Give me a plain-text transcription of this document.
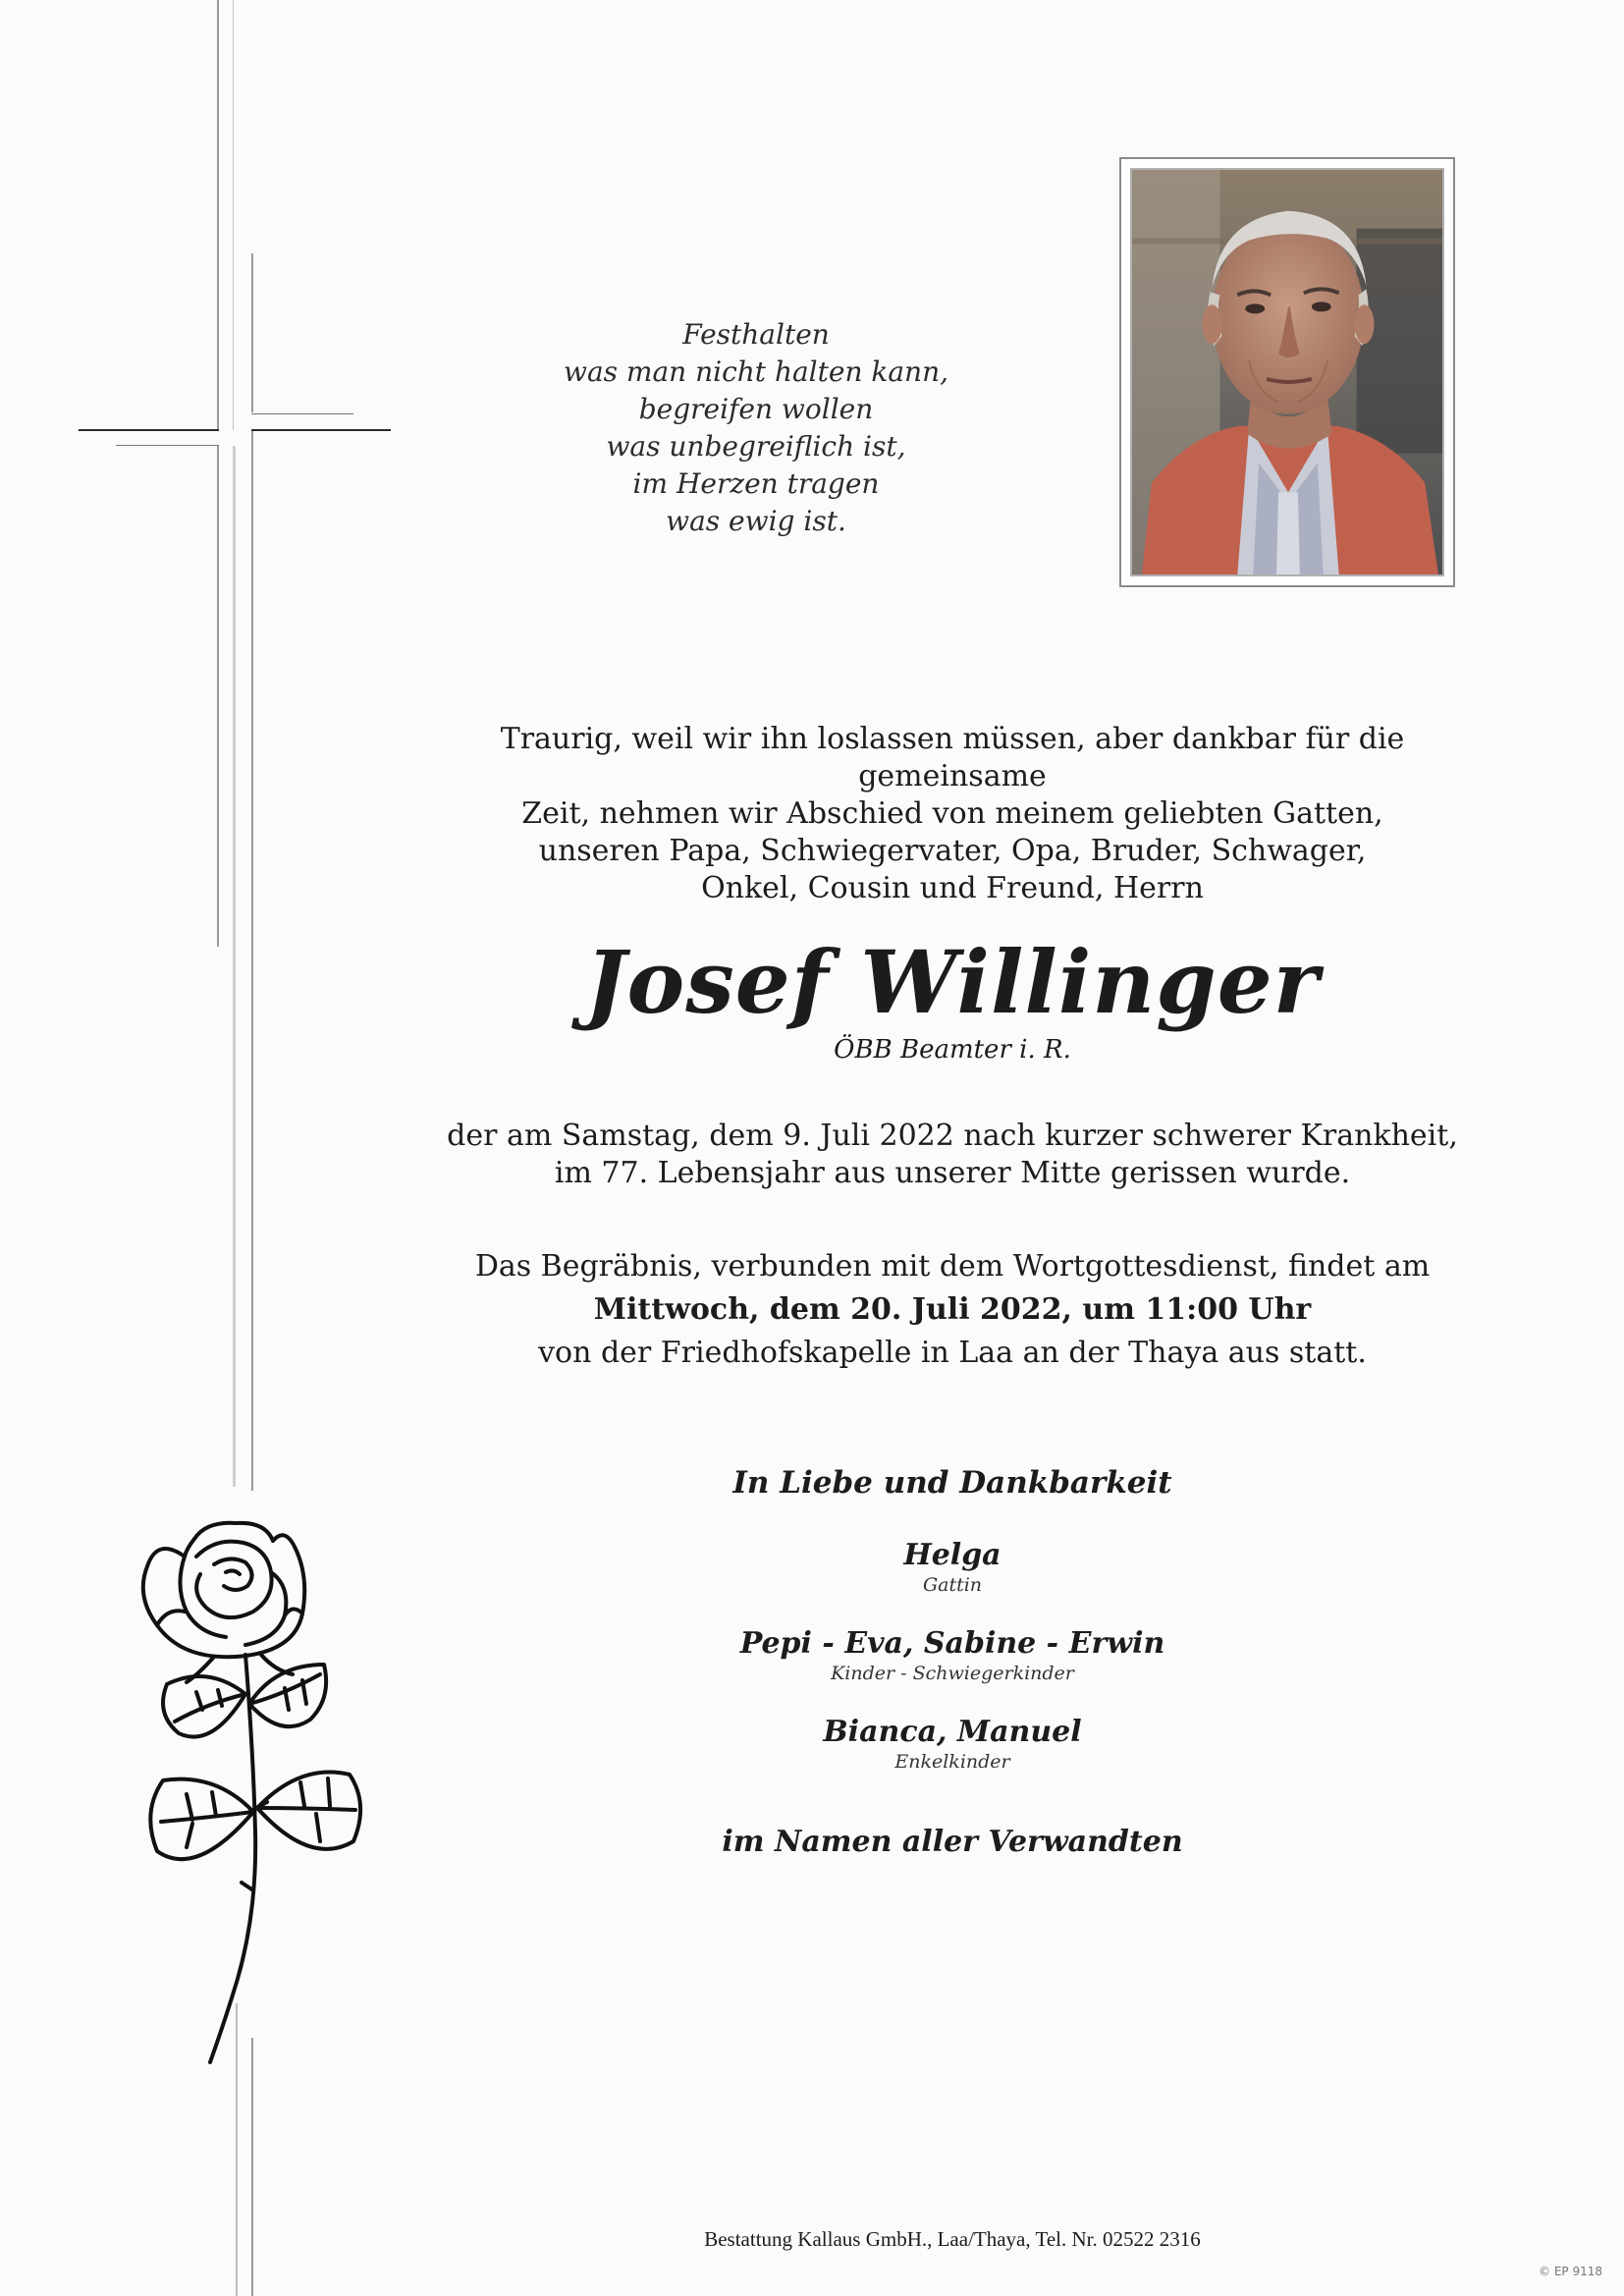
Festhalten
was man nicht halten kann,
begreifen wollen
was unbegreiflich ist,
im Herzen tragen
was ewig ist.
Traurig, weil wir ihn loslassen müssen, aber dankbar für die gemeinsame
Zeit, nehmen wir Abschied von meinem geliebten Gatten,
unseren Papa, Schwiegervater, Opa, Bruder, Schwager,
Onkel, Cousin und Freund, Herrn
Josef Willinger
ÖBB Beamter i. R.
der am Samstag, dem 9. Juli 2022 nach kurzer schwerer Krankheit,
im 77. Lebensjahr aus unserer Mitte gerissen wurde.
Das Begräbnis, verbunden mit dem Wortgottesdienst, findet am
Mittwoch, dem 20. Juli 2022, um 11:00 Uhr
von der Friedhofskapelle in Laa an der Thaya aus statt.
In Liebe und Dankbarkeit
Helga
Gattin
Pepi - Eva, Sabine - Erwin
Kinder - Schwiegerkinder
Bianca, Manuel
Enkelkinder
im Namen aller Verwandten
Bestattung Kallaus GmbH., Laa/Thaya, Tel. Nr. 02522 2316
© EP 9118
